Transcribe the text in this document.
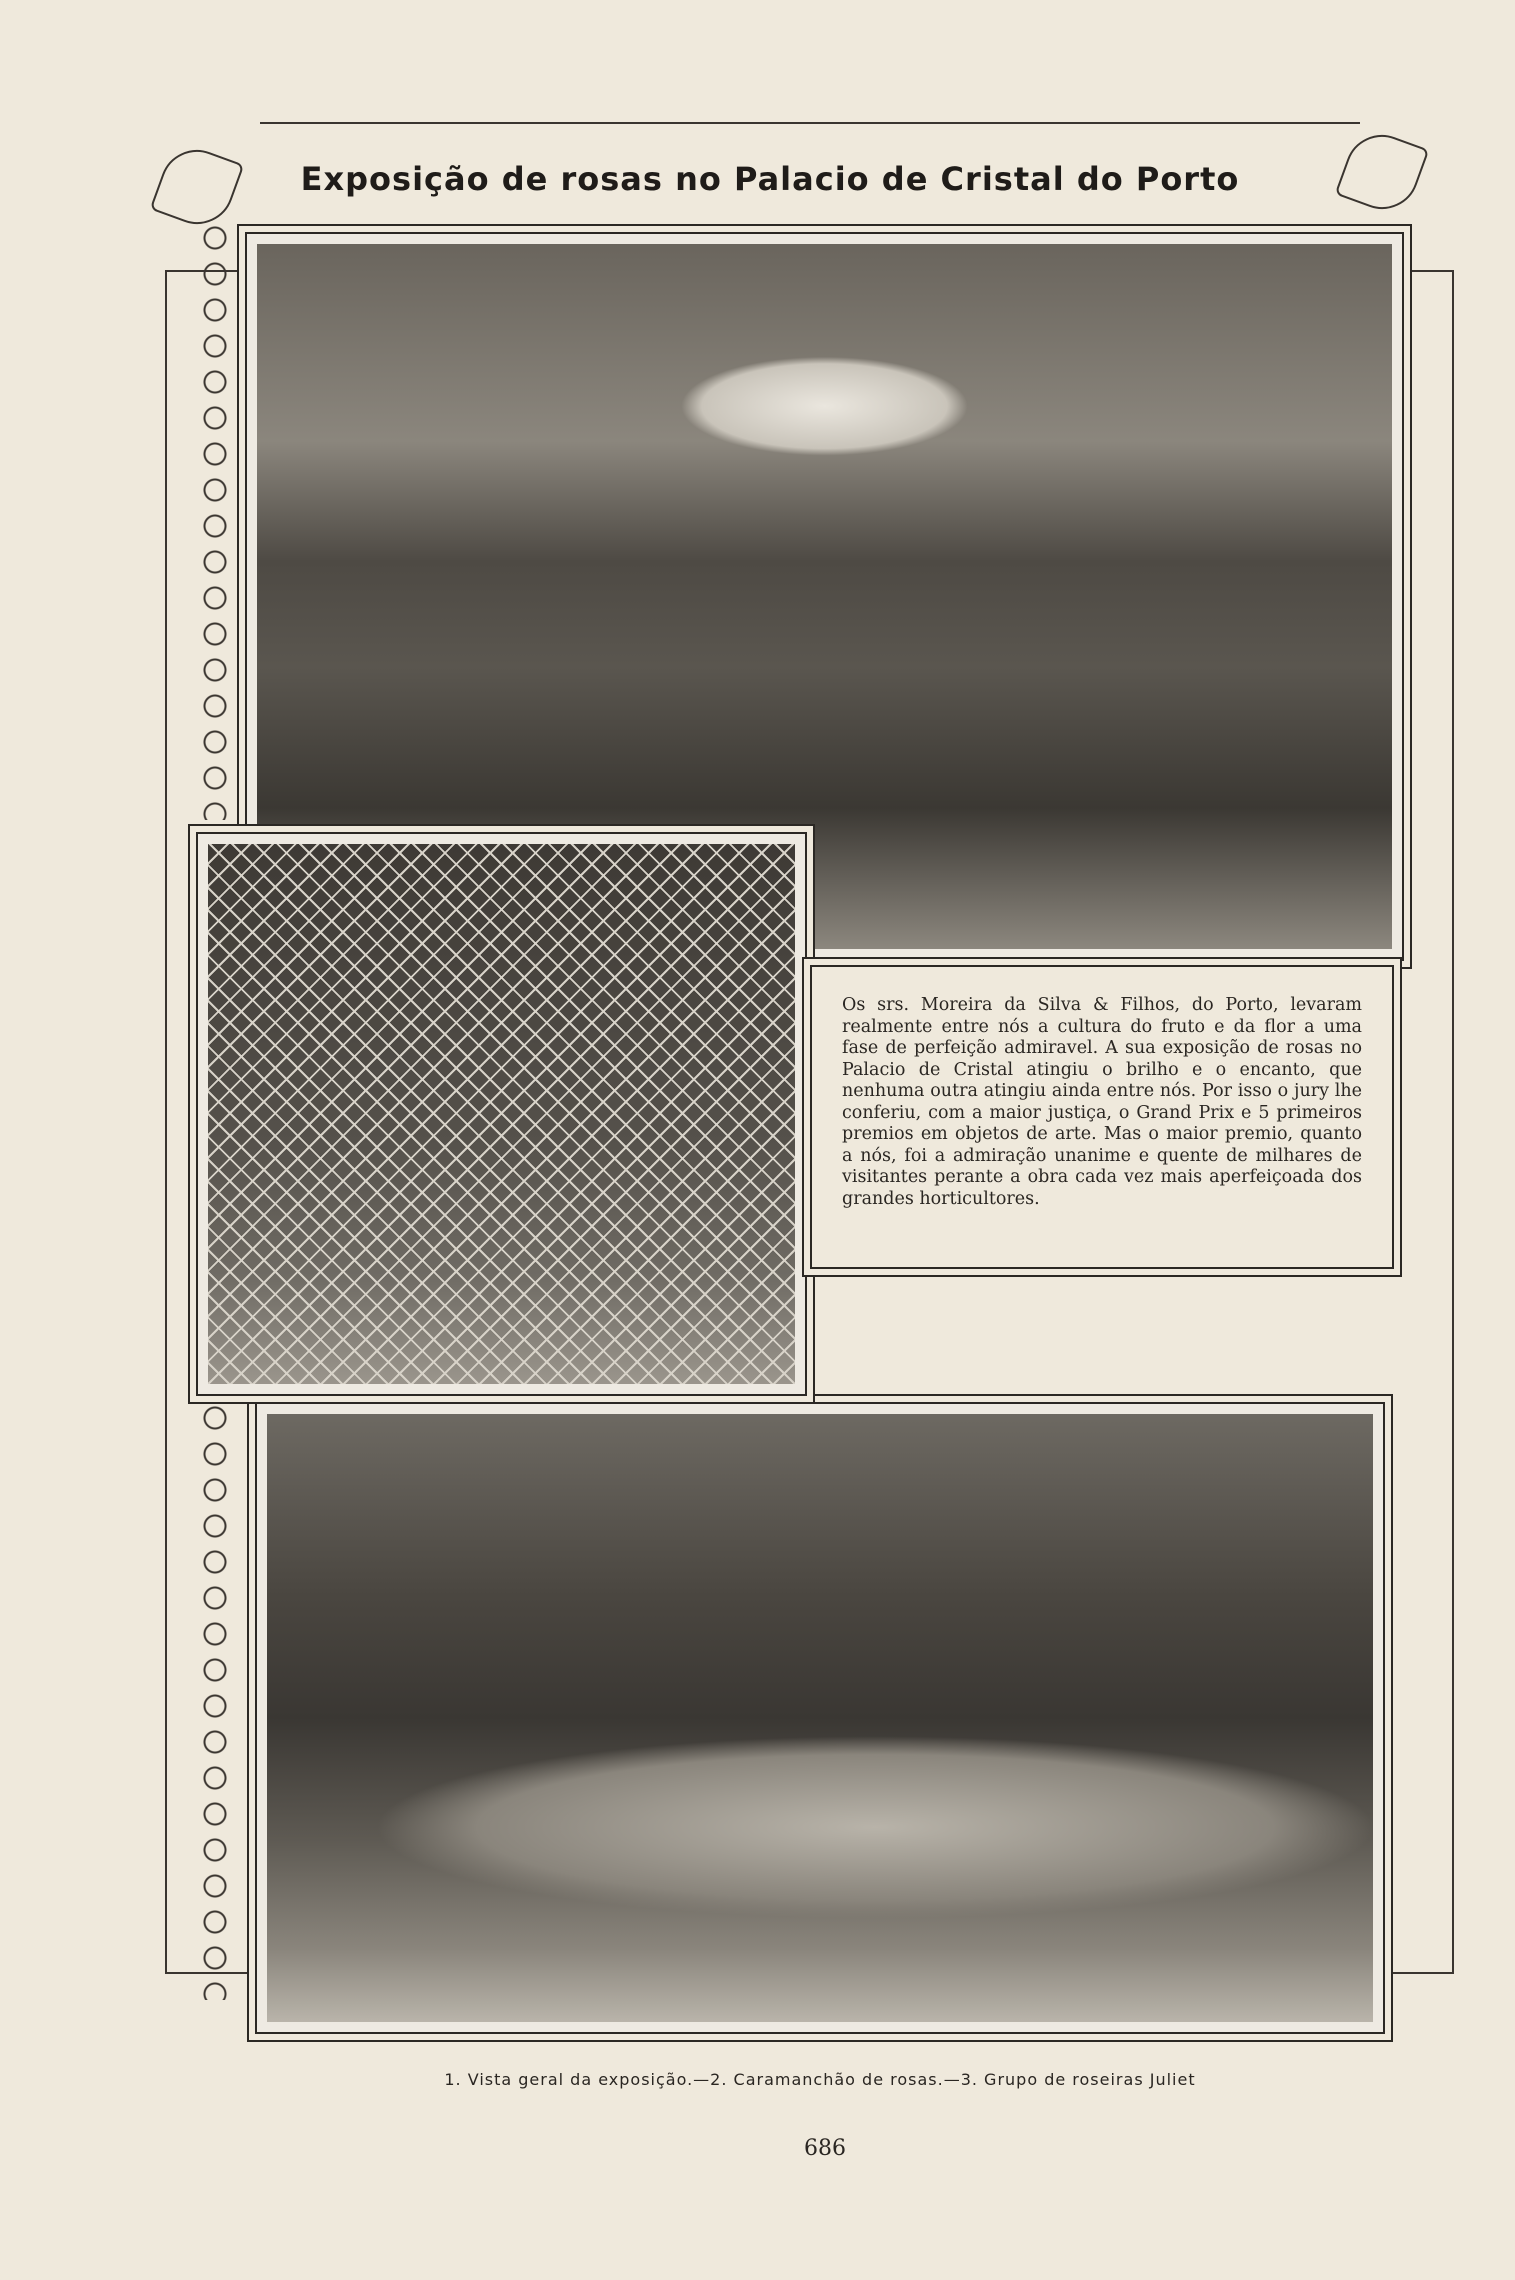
Exposição de rosas no Palacio de Cristal do Porto

Os srs. Moreira da Silva & Filhos, do Porto, levaram realmente entre nós a cultura do fruto e da flor a uma fase de perfeição admiravel. A sua exposição de rosas no Palacio de Cristal atingiu o brilho e o encanto, que nenhuma outra atingiu ainda entre nós. Por isso o jury lhe conferiu, com a maior justiça, o Grand Prix e 5 primeiros premios em objetos de arte. Mas o maior premio, quanto a nós, foi a admiração unanime e quente de milhares de visitantes perante a obra cada vez mais aperfeiçoada dos grandes horticultores.

1. Vista geral da exposição.—2. Caramanchão de rosas.—3. Grupo de roseiras Juliet
686
